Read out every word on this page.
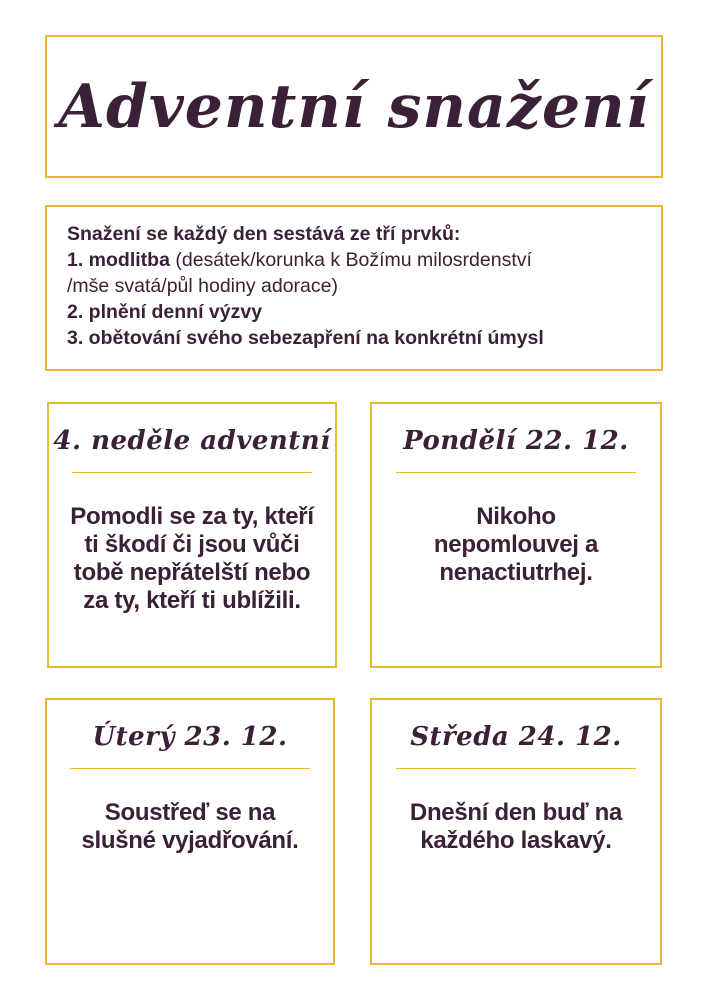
Adventní snažení

Snažení se každý den sestává ze tří prvků:

1. modlitba (desátek/korunka k Božímu milosrdenství

/mše svatá/půl hodiny adorace)

2. plnění denní výzvy

3. obětování svého sebezapření na konkrétní úmysl

4. neděle adventní
Pomodli se za ty, kteří ti škodí či jsou vůči tobě nepřátelští nebo za ty, kteří ti ublížili.
Pondělí 22. 12.
Nikoho nepomlouvej a nenactiutrhej.
Úterý 23. 12.
Soustřeď se na slušné vyjadřování.
Středa 24. 12.
Dnešní den buď na každého laskavý.
